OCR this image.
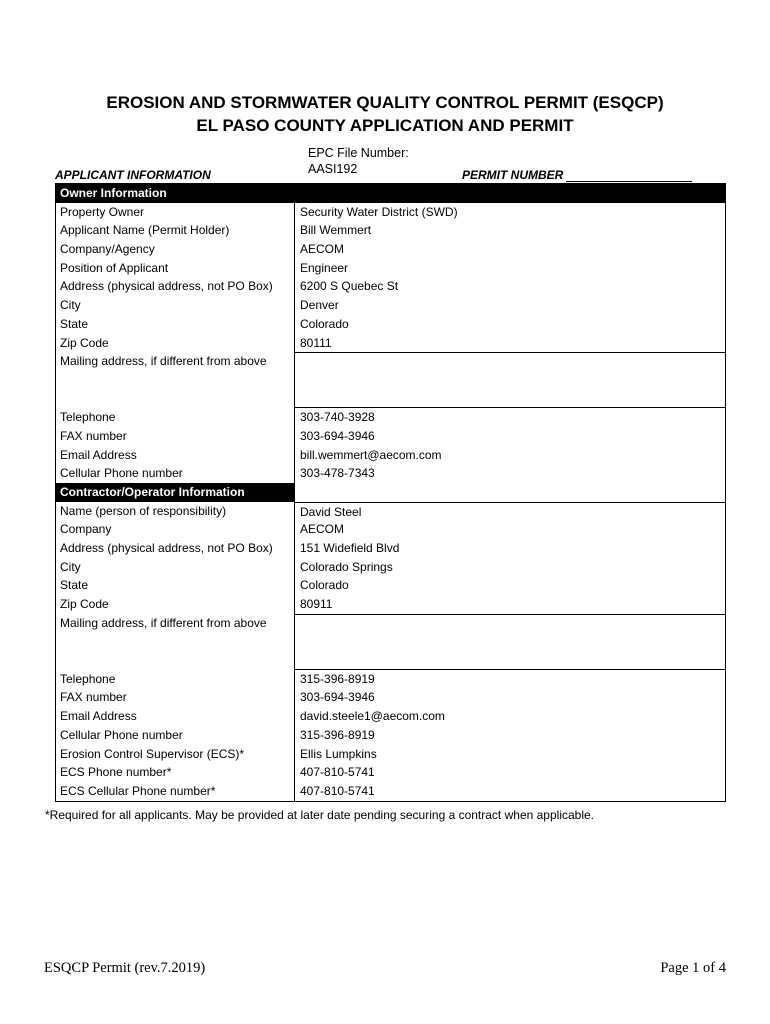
EROSION AND STORMWATER QUALITY CONTROL PERMIT (ESQCP)
EL PASO COUNTY APPLICATION AND PERMIT
EPC File Number:
AASI192
APPLICANT INFORMATION	PERMIT NUMBER
Owner Information
Property Owner	Security Water District (SWD)
Applicant Name (Permit Holder)	Bill Wemmert
Company/Agency	AECOM
Position of Applicant	Engineer
Address (physical address, not PO Box)	6200 S Quebec St
City	Denver
State	Colorado
Zip Code	80111
Mailing address, if different from above
Telephone	303-740-3928
FAX number	303-694-3946
Email Address	bill.wemmert@aecom.com
Cellular Phone number	303-478-7343
Contractor/Operator Information
Name (person of responsibility)	David Steel
Company	AECOM
Address (physical address, not PO Box)	151 Widefield Blvd
City	Colorado Springs
State	Colorado
Zip Code	80911
Mailing address, if different from above
Telephone	315-396-8919
FAX number	303-694-3946
Email Address	david.steele1@aecom.com
Cellular Phone number	315-396-8919
Erosion Control Supervisor (ECS)*	Ellis Lumpkins
ECS Phone number*	407-810-5741
ECS Cellular Phone number*	407-810-5741
*Required for all applicants. May be provided at later date pending securing a contract when applicable.
ESQCP Permit (rev.7.2019)	Page 1 of 4
